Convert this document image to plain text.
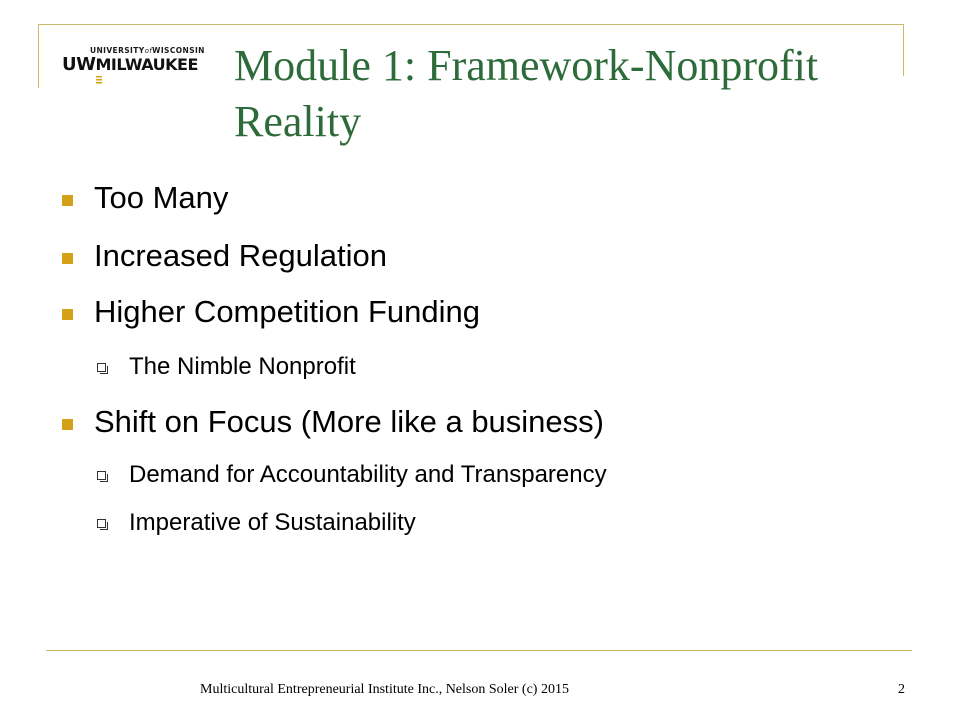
UNIVERSITYofWISCONSIN
UWMILWAUKEE Module 1: Framework-Nonprofit Reality
Too Many
Increased Regulation
Higher Competition Funding
The Nimble Nonprofit
Shift on Focus (More like a business)
Demand for Accountability and Transparency
Imperative of Sustainability
Multicultural Entrepreneurial Institute Inc., Nelson Soler (c) 2015	2
